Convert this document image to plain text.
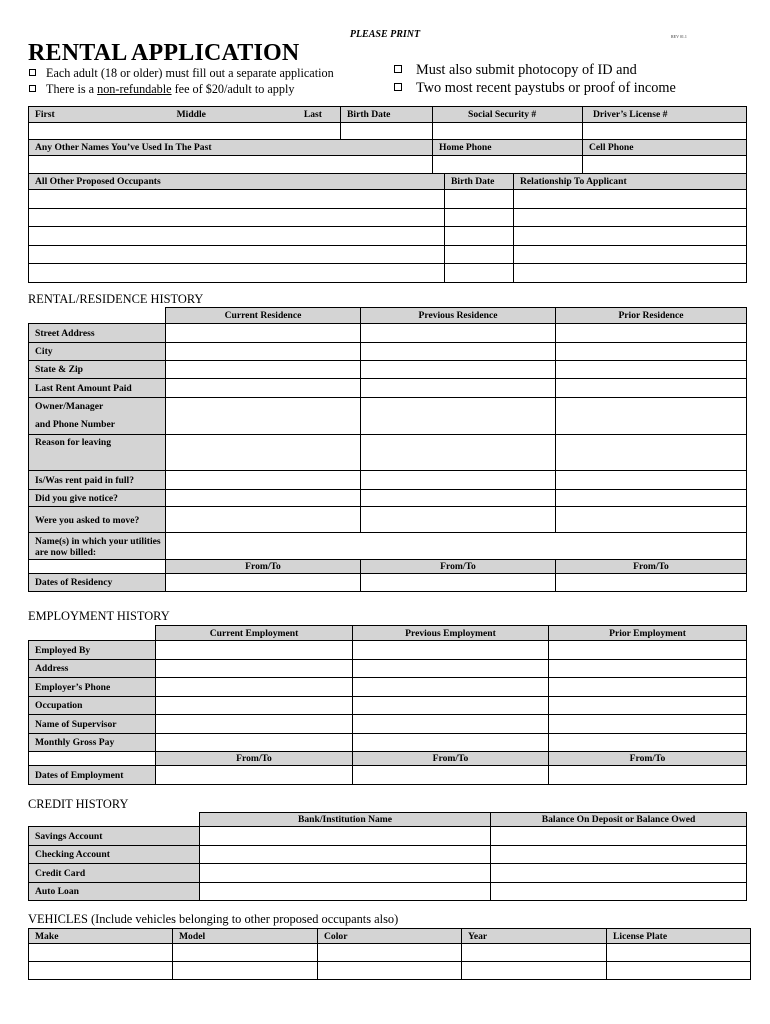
PLEASE PRINT	REV 01.1
RENTAL APPLICATION
Each adult (18 or older) must fill out a separate application
There is a non-refundable fee of $20/adult to apply
Must also submit photocopy of ID and
Two most recent paystubs or proof of income
First Middle Last	Birth Date	Social Security #	Driver’s License #

Any Other Names You’ve Used In The Past		Home Phone	Cell Phone

All Other Proposed Occupants	Birth Date	Relationship To Applicant

RENTAL/RESIDENCE HISTORY
	Current Residence	Previous Residence	Prior Residence
Street Address			
City			
State & Zip			
Last Rent Amount Paid			

Owner/Manager
and Phone Number			

Reason for leaving			
Is/Was rent paid in full?			
Did you give notice?			
Were you asked to move?			
Name(s) in which your utilities are now billed:			
	From/To	From/To	From/To
Dates of Residency			
EMPLOYMENT HISTORY
	Current Employment	Previous Employment	Prior Employment
Employed By			
Address			
Employer’s Phone			
Occupation			
Name of Supervisor			
Monthly Gross Pay			
	From/To	From/To	From/To
Dates of Employment			
CREDIT HISTORY
	Bank/Institution Name	Balance On Deposit or Balance Owed
Savings Account		
Checking Account		
Credit Card		
Auto Loan		
VEHICLES (Include vehicles belonging to other proposed occupants also)
Make	Model	Color	Year	License Plate
